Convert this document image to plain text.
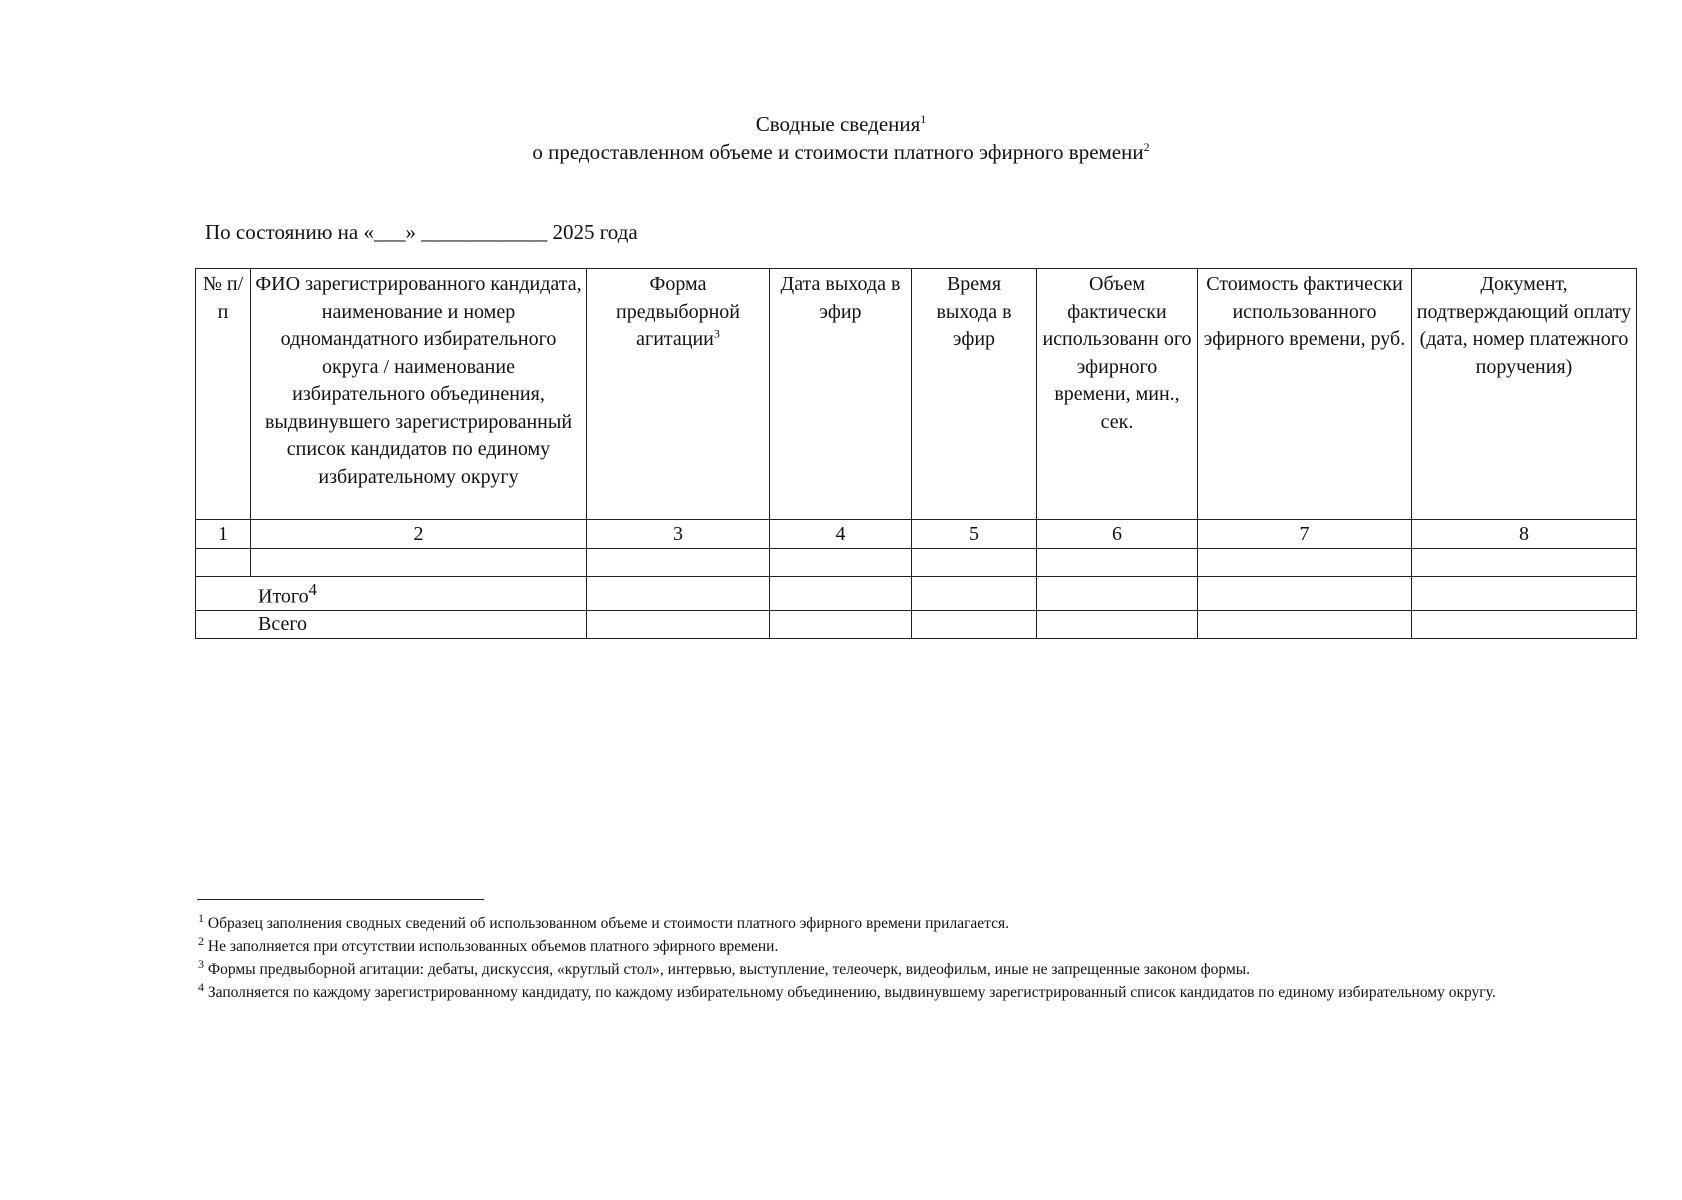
Сводные сведения$^1$
о предоставленном объеме и стоимости платного эфирного времени$^2$
По состоянию на «___» ____________ 2025 года
№ п/п	ФИО зарегистрированного кандидата, наименование и номер одномандатного избирательного округа / наименование избирательного объединения, выдвинувшего зарегистрированный список кандидатов по единому избирательному округу	Форма предвыборной агитации$^3$	Дата выхода в эфир	Время выхода в эфир	Объем фактически использованн ого эфирного времени, мин., сек.	Стоимость фактически использованного эфирного времени, руб.	Документ, подтверждающий оплату (дата, номер платежного поручения)
1	2	3	4	5	6	7	8

Итого$^4$						
Всего							

$^1$ Образец заполнения сводных сведений об использованном объеме и стоимости платного эфирного времени прилагается.

$^2$ Не заполняется при отсутствии использованных объемов платного эфирного времени.

$^3$ Формы предвыборной агитации: дебаты, дискуссия, «круглый стол», интервью, выступление, телеочерк, видеофильм, иные не запрещенные законом формы.

$^4$ Заполняется по каждому зарегистрированному кандидату, по каждому избирательному объединению, выдвинувшему зарегистрированный список кандидатов по единому избирательному округу.
